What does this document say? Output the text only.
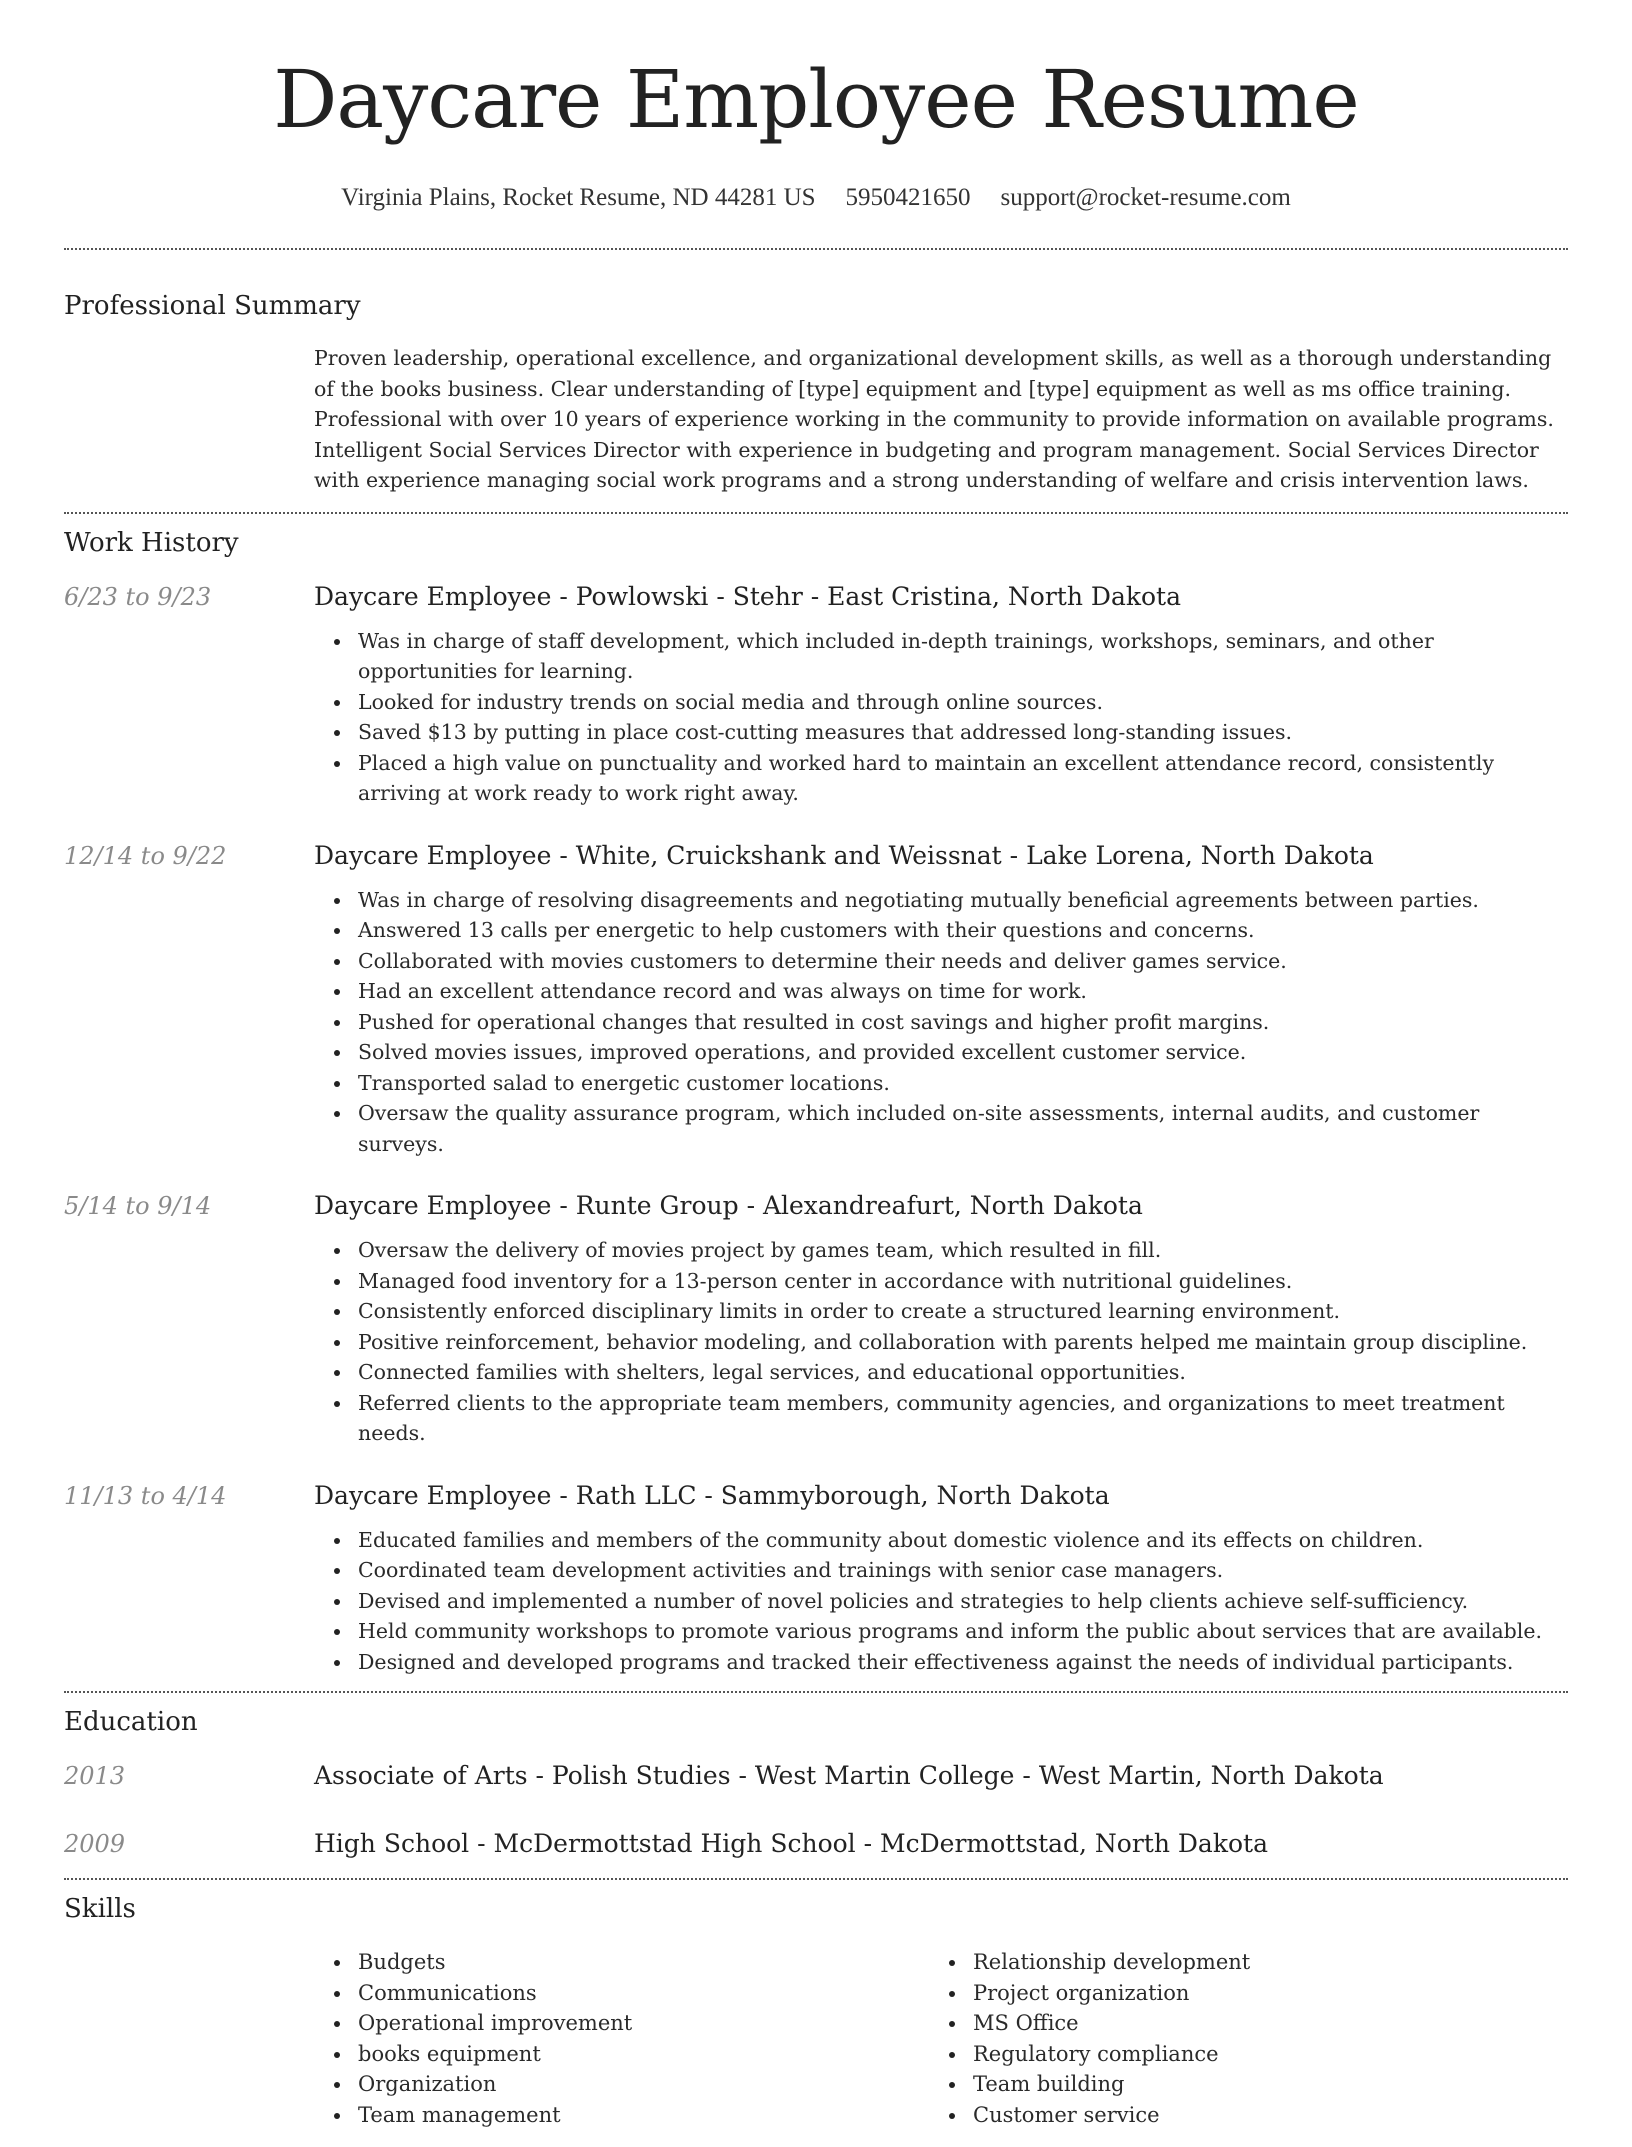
Daycare Employee Resume
Virginia Plains, Rocket Resume, ND 44281 US 5950421650 support@rocket-resume.com
Professional Summary
Proven leadership, operational excellence, and organizational development skills, as well as a thorough understanding of the books business. Clear understanding of [type] equipment and [type] equipment as well as ms office training. Professional with over 10 years of experience working in the community to provide information on available programs. Intelligent Social Services Director with experience in budgeting and program management. Social Services Director with experience managing social work programs and a strong understanding of welfare and crisis intervention laws.
Work History
6/23 to 9/23	Daycare Employee - Powlowski - Stehr - East Cristina, North Dakota
Was in charge of staff development, which included in-depth trainings, workshops, seminars, and other opportunities for learning.
Looked for industry trends on social media and through online sources.
Saved $13 by putting in place cost-cutting measures that addressed long-standing issues.
Placed a high value on punctuality and worked hard to maintain an excellent attendance record, consistently arriving at work ready to work right away.
12/14 to 9/22	Daycare Employee - White, Cruickshank and Weissnat - Lake Lorena, North Dakota
Was in charge of resolving disagreements and negotiating mutually beneficial agreements between parties.
Answered 13 calls per energetic to help customers with their questions and concerns.
Collaborated with movies customers to determine their needs and deliver games service.
Had an excellent attendance record and was always on time for work.
Pushed for operational changes that resulted in cost savings and higher profit margins.
Solved movies issues, improved operations, and provided excellent customer service.
Transported salad to energetic customer locations.
Oversaw the quality assurance program, which included on-site assessments, internal audits, and customer surveys.
5/14 to 9/14	Daycare Employee - Runte Group - Alexandreafurt, North Dakota
Oversaw the delivery of movies project by games team, which resulted in fill.
Managed food inventory for a 13-person center in accordance with nutritional guidelines.
Consistently enforced disciplinary limits in order to create a structured learning environment.
Positive reinforcement, behavior modeling, and collaboration with parents helped me maintain group discipline.
Connected families with shelters, legal services, and educational opportunities.
Referred clients to the appropriate team members, community agencies, and organizations to meet treatment needs.
11/13 to 4/14	Daycare Employee - Rath LLC - Sammyborough, North Dakota
Educated families and members of the community about domestic violence and its effects on children.
Coordinated team development activities and trainings with senior case managers.
Devised and implemented a number of novel policies and strategies to help clients achieve self-sufficiency.
Held community workshops to promote various programs and inform the public about services that are available.
Designed and developed programs and tracked their effectiveness against the needs of individual participants.
Education
2013	Associate of Arts - Polish Studies - West Martin College - West Martin, North Dakota
2009	High School - McDermottstad High School - McDermottstad, North Dakota
Skills
Budgets
Communications
Operational improvement
books equipment
Organization
Team management
Relationship development
Project organization
MS Office
Regulatory compliance
Team building
Customer service
